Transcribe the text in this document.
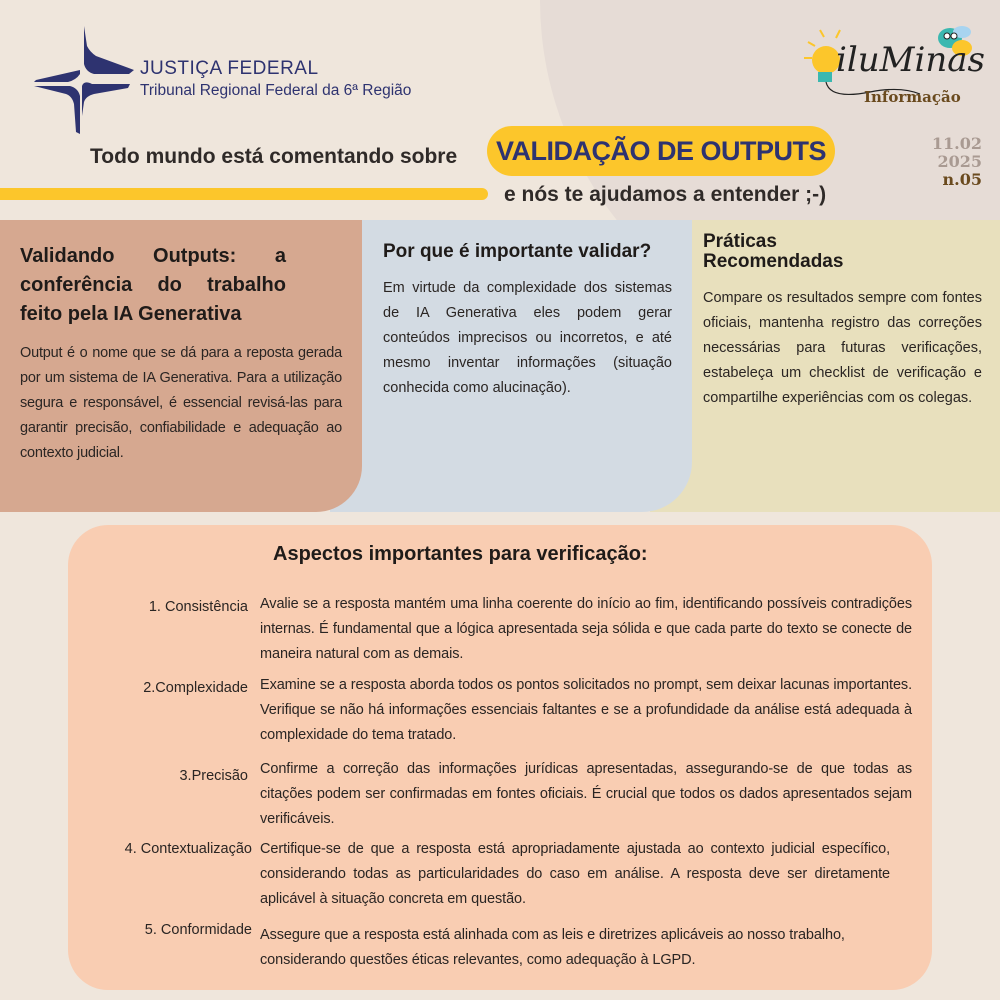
JUSTIÇA FEDERAL
Tribunal Regional Federal da 6ª Região
iluMinas
Informação
Todo mundo está comentando sobre	VALIDAÇÃO DE OUTPUTS
e nós te ajudamos a entender ;-)
11.02
2025
n.05
Validando Outputs: a conferência do trabalho feito pela IA Generativa
Output é o nome que se dá para a reposta gerada por um sistema de IA Generativa. Para a utilização segura e responsável, é essencial revisá-las para garantir precisão, confiabilidade e adequação ao contexto judicial.
Por que é importante validar?
Em virtude da complexidade dos sistemas de IA Generativa eles podem gerar conteúdos imprecisos ou incorretos, e até mesmo inventar informações (situação conhecida como alucinação).
Práticas Recomendadas
Compare os resultados sempre com fontes oficiais, mantenha registro das correções necessárias para futuras verificações, estabeleça um checklist de verificação e compartilhe experiências com os colegas.
Aspectos importantes para verificação:
1. Consistência Avalie se a resposta mantém uma linha coerente do início ao fim, identificando possíveis contradições internas. É fundamental que a lógica apresentada seja sólida e que cada parte do texto se conecte de maneira natural com as demais.
2.Complexidade Examine se a resposta aborda todos os pontos solicitados no prompt, sem deixar lacunas importantes. Verifique se não há informações essenciais faltantes e se a profundidade da análise está adequada à complexidade do tema tratado.
3.Precisão Confirme a correção das informações jurídicas apresentadas, assegurando-se de que todas as citações podem ser confirmadas em fontes oficiais. É crucial que todos os dados apresentados sejam verificáveis.
4. Contextualização Certifique-se de que a resposta está apropriadamente ajustada ao contexto judicial específico, considerando todas as particularidades do caso em análise. A resposta deve ser diretamente aplicável à situação concreta em questão.
5. Conformidade Assegure que a resposta está alinhada com as leis e diretrizes aplicáveis ao nosso trabalho, considerando questões éticas relevantes, como adequação à LGPD.
